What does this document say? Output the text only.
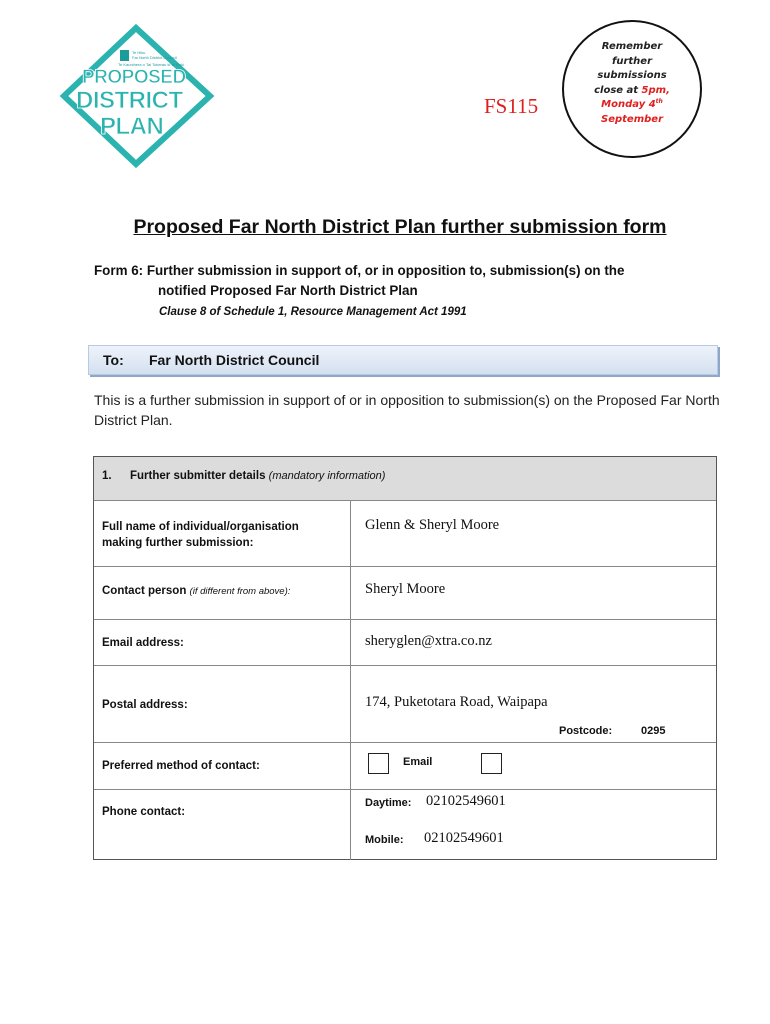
Te Hiku
Far North District Council
Te Kaunihera o Tai Tokerau ki te Raki
PROPOSED
DISTRICT
PLAN
FS115
Remember
further
submissions
close at 5pm,
Monday 4th
September
Proposed Far North District Plan further submission form
Form 6: Further submission in support of, or in opposition to, submission(s) on the
notified Proposed Far North District Plan
Clause 8 of Schedule 1, Resource Management Act 1991
To: Far North District Council
This is a further submission in support of or in opposition to submission(s) on the Proposed Far North District Plan.
1. Further submitter details (mandatory information)
Full name of individual/organisation
making further submission:
Glenn & Sheryl Moore
Contact person (if different from above):	Sheryl Moore
Email address:	sheryglen@xtra.co.nz
Postal address:	174, Puketotara Road, Waipapa
Postcode:	0295
Preferred method of contact:	Email
Phone contact:
Daytime: 02102549601
Mobile: 02102549601
